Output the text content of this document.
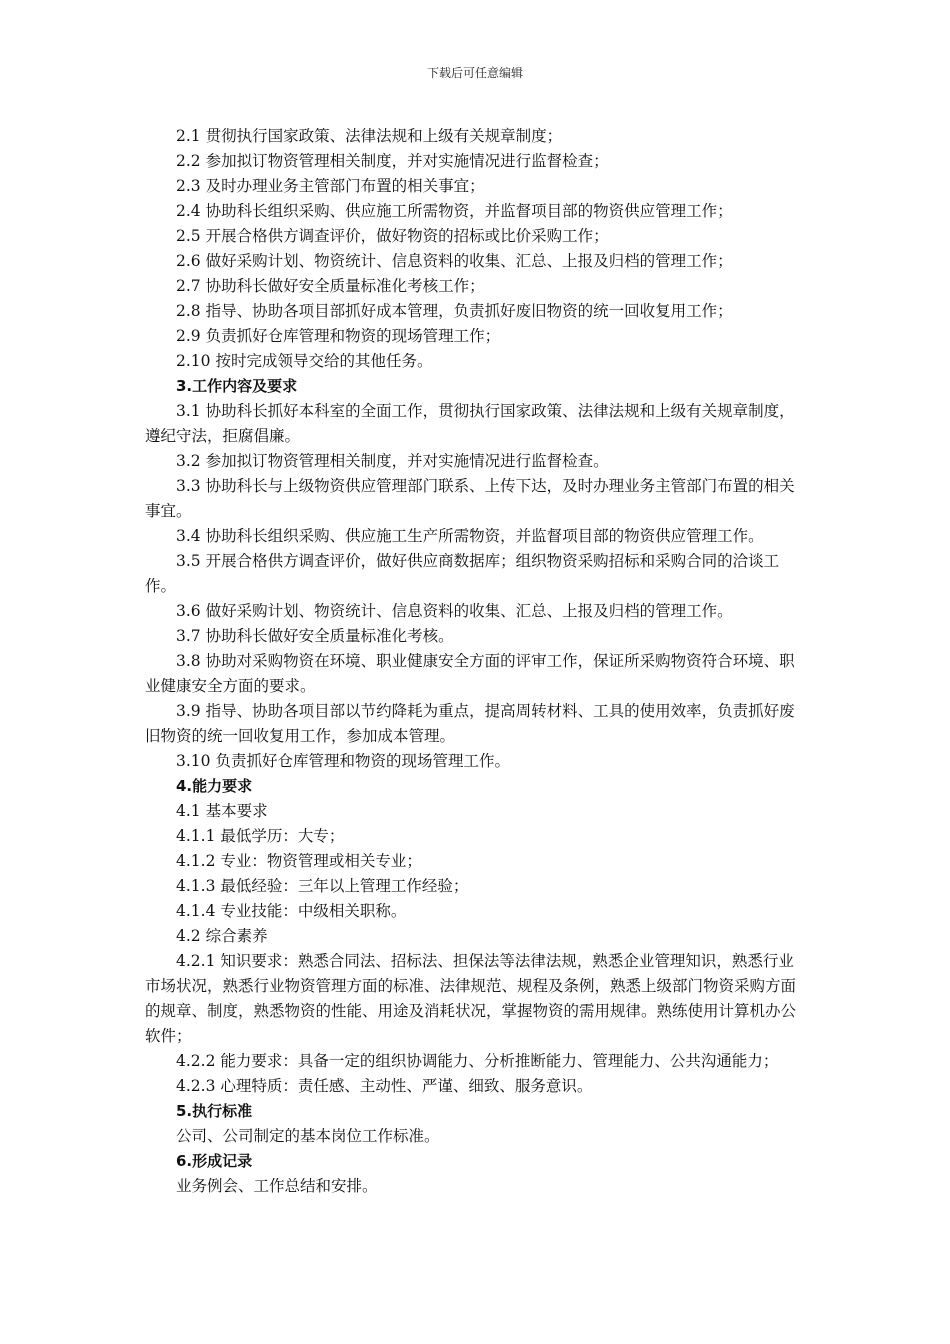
下载后可任意编辑

2.1 贯彻执行国家政策、法律法规和上级有关规章制度；

2.2 参加拟订物资管理相关制度，并对实施情况进行监督检查；

2.3 及时办理业务主管部门布置的相关事宜；

2.4 协助科长组织采购、供应施工所需物资，并监督项目部的物资供应管理工作；

2.5 开展合格供方调查评价，做好物资的招标或比价采购工作；

2.6 做好采购计划、物资统计、信息资料的收集、汇总、上报及归档的管理工作；

2.7 协助科长做好安全质量标准化考核工作；

2.8 指导、协助各项目部抓好成本管理，负责抓好废旧物资的统一回收复用工作；

2.9 负责抓好仓库管理和物资的现场管理工作；

2.10 按时完成领导交给的其他任务。

3.工作内容及要求

3.1 协助科长抓好本科室的全面工作，贯彻执行国家政策、法律法规和上级有关规章制度，遵纪守法，拒腐倡廉。

3.2 参加拟订物资管理相关制度，并对实施情况进行监督检查。

3.3 协助科长与上级物资供应管理部门联系、上传下达，及时办理业务主管部门布置的相关事宜。

3.4 协助科长组织采购、供应施工生产所需物资，并监督项目部的物资供应管理工作。

3.5 开展合格供方调查评价，做好供应商数据库；组织物资采购招标和采购合同的洽谈工作。

3.6 做好采购计划、物资统计、信息资料的收集、汇总、上报及归档的管理工作。

3.7 协助科长做好安全质量标准化考核。

3.8 协助对采购物资在环境、职业健康安全方面的评审工作，保证所采购物资符合环境、职业健康安全方面的要求。

3.9 指导、协助各项目部以节约降耗为重点，提高周转材料、工具的使用效率，负责抓好废旧物资的统一回收复用工作，参加成本管理。

3.10 负责抓好仓库管理和物资的现场管理工作。

4.能力要求

4.1 基本要求

4.1.1 最低学历：大专；

4.1.2 专业：物资管理或相关专业；

4.1.3 最低经验：三年以上管理工作经验；

4.1.4 专业技能：中级相关职称。

4.2 综合素养

4.2.1 知识要求：熟悉合同法、招标法、担保法等法律法规，熟悉企业管理知识，熟悉行业市场状况，熟悉行业物资管理方面的标准、法律规范、规程及条例，熟悉上级部门物资采购方面的规章、制度，熟悉物资的性能、用途及消耗状况，掌握物资的需用规律。熟练使用计算机办公软件；

4.2.2 能力要求：具备一定的组织协调能力、分析推断能力、管理能力、公共沟通能力；

4.2.3 心理特质：责任感、主动性、严谨、细致、服务意识。

5.执行标准

公司、公司制定的基本岗位工作标准。

6.形成记录

业务例会、工作总结和安排。
